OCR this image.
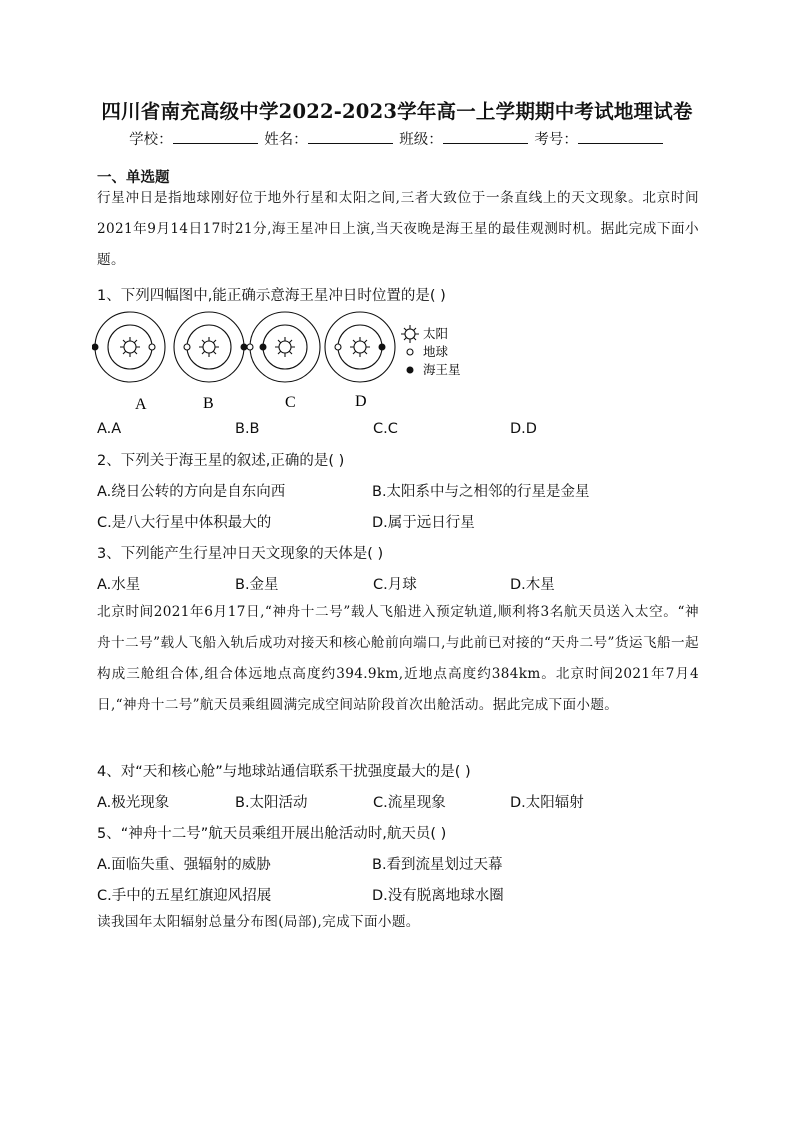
四川省南充高级中学2022-2023学年高一上学期期中考试地理试卷
学校：	姓名：	班级：	考号：
一、单选题
行星冲日是指地球刚好位于地外行星和太阳之间,三者大致位于一条直线上的天文现象。北京时间2021年9月14日17时21分,海王星冲日上演,当天夜晚是海王星的最佳观测时机。据此完成下面小题。
1、下列四幅图中,能正确示意海王星冲日时位置的是( )
太阳
地球
海王星
A	B	C	D
A.A	B.B	C.C	D.D
2、下列关于海王星的叙述,正确的是( )
A.绕日公转的方向是自东向西	B.太阳系中与之相邻的行星是金星
C.是八大行星中体积最大的	D.属于远日行星
3、下列能产生行星冲日天文现象的天体是( )
A.水星	B.金星	C.月球	D.木星
北京时间2021年6月17日,“神舟十二号”载人飞船进入预定轨道,顺利将3名航天员送入太空。“神舟十二号”载人飞船入轨后成功对接天和核心舱前向端口,与此前已对接的“天舟二号”货运飞船一起构成三舱组合体,组合体远地点高度约394.9km,近地点高度约384km。北京时间2021年7月4日,“神舟十二号”航天员乘组圆满完成空间站阶段首次出舱活动。据此完成下面小题。
4、对“天和核心舱”与地球站通信联系干扰强度最大的是( )
A.极光现象	B.太阳活动	C.流星现象	D.太阳辐射
5、“神舟十二号”航天员乘组开展出舱活动时,航天员( )
A.面临失重、强辐射的威胁	B.看到流星划过天幕
C.手中的五星红旗迎风招展	D.没有脱离地球水圈
读我国年太阳辐射总量分布图(局部),完成下面小题。
